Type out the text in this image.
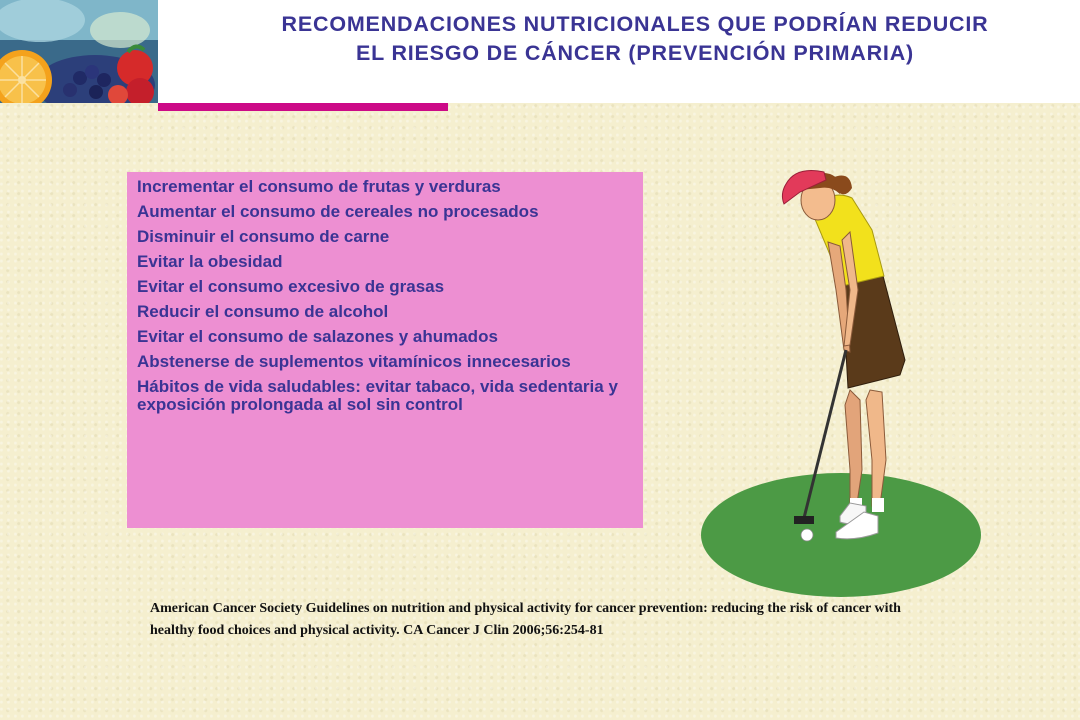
RECOMENDACIONES NUTRICIONALES QUE PODRÍAN REDUCIR EL RIESGO DE CÁNCER (PREVENCIÓN PRIMARIA)
Incrementar el consumo de frutas y verduras
Aumentar el consumo de cereales no procesados
Disminuir el consumo de carne
Evitar la obesidad
Evitar el consumo excesivo de grasas
Reducir el consumo de alcohol
Evitar el consumo de salazones y ahumados
Abstenerse de suplementos vitamínicos innecesarios
Hábitos de vida saludables: evitar tabaco, vida sedentaria y exposición prolongada al sol sin control

American Cancer Society Guidelines on nutrition and physical activity for cancer prevention: reducing the risk of cancer with healthy food choices and physical activity. CA Cancer J Clin 2006;56:254-81
